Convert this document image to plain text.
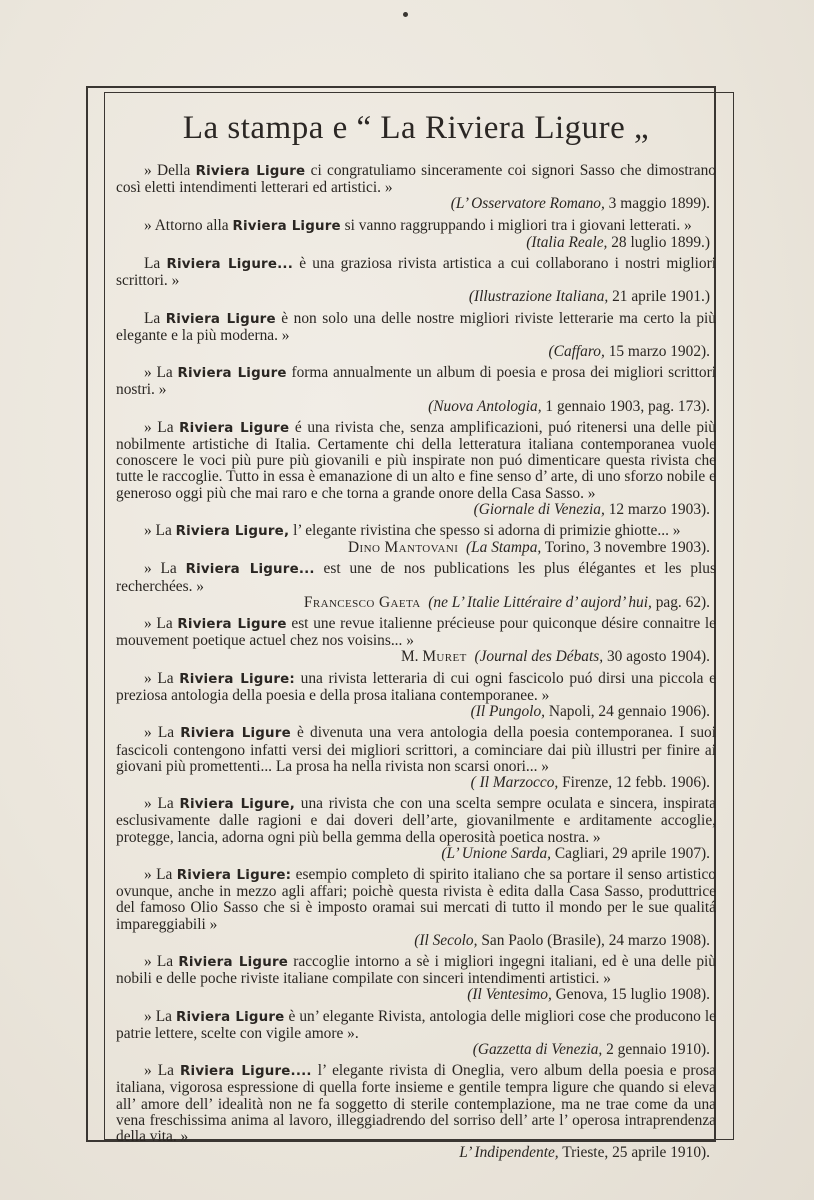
La stampa e “ La Riviera Ligure „
» Della Riviera Ligure ci congratuliamo sinceramente coi signori Sasso che dimostrano così eletti intendimenti letterari ed artistici. »
(L’ Osservatore Romano, 3 maggio 1899).
» Attorno alla Riviera Ligure si vanno raggruppando i migliori tra i giovani letterati. »
(Italia Reale, 28 luglio 1899.)
La Riviera Ligure... è una graziosa rivista artistica a cui collaborano i nostri migliori scrittori. »
(Illustrazione Italiana, 21 aprile 1901.)
La Riviera Ligure è non solo una delle nostre migliori riviste letterarie ma certo la più elegante e la più moderna. »
(Caffaro, 15 marzo 1902).
» La Riviera Ligure forma annualmente un album di poesia e prosa dei migliori scrittori nostri. »
(Nuova Antologia, 1 gennaio 1903, pag. 173).
» La Riviera Ligure é una rivista che, senza amplificazioni, puó ritenersi una delle più nobilmente artistiche di Italia. Certamente chi della letteratura italiana contemporanea vuole conoscere le voci più pure più giovanili e più inspirate non puó dimenticare questa rivista che tutte le raccoglie. Tutto in essa è emanazione di un alto e fine senso d’ arte, di uno sforzo nobile e generoso oggi più che mai raro e che torna a grande onore della Casa Sasso. »
(Giornale di Venezia, 12 marzo 1903).
» La Riviera Ligure, l’ elegante rivistina che spesso si adorna di primizie ghiotte... »
Dino Mantovani (La Stampa, Torino, 3 novembre 1903).
» La Riviera Ligure... est une de nos publications les plus élégantes et les plus recherchées. »
Francesco Gaeta (ne L’ Italie Littéraire d’ aujord’ hui, pag. 62).
» La Riviera Ligure est une revue italienne précieuse pour quiconque désire connaitre le mouvement poetique actuel chez nos voisins... »
M. Muret (Journal des Débats, 30 agosto 1904).
» La Riviera Ligure: una rivista letteraria di cui ogni fascicolo puó dirsi una piccola e preziosa antologia della poesia e della prosa italiana contemporanee. »
(Il Pungolo, Napoli, 24 gennaio 1906).
» La Riviera Ligure è divenuta una vera antologia della poesia contemporanea. I suoi fascicoli contengono infatti versi dei migliori scrittori, a cominciare dai più illustri per finire ai giovani più promettenti... La prosa ha nella rivista non scarsi onori... »
( Il Marzocco, Firenze, 12 febb. 1906).
» La Riviera Ligure, una rivista che con una scelta sempre oculata e sincera, inspirata esclusivamente dalle ragioni e dai doveri dell’arte, giovanilmente e arditamente accoglie, protegge, lancia, adorna ogni più bella gemma della operosità poetica nostra. »
(L’ Unione Sarda, Cagliari, 29 aprile 1907).
» La Riviera Ligure: esempio completo di spirito italiano che sa portare il senso artistico ovunque, anche in mezzo agli affari; poichè questa rivista è edita dalla Casa Sasso, produttrice del famoso Olio Sasso che si è imposto oramai sui mercati di tutto il mondo per le sue qualitá impareggiabili »
(Il Secolo, San Paolo (Brasile), 24 marzo 1908).
» La Riviera Ligure raccoglie intorno a sè i migliori ingegni italiani, ed è una delle più nobili e delle poche riviste italiane compilate con sinceri intendimenti artistici. »
(Il Ventesimo, Genova, 15 luglio 1908).
» La Riviera Ligure è un’ elegante Rivista, antologia delle migliori cose che producono le patrie lettere, scelte con vigile amore ».
(Gazzetta di Venezia, 2 gennaio 1910).
» La Riviera Ligure.... l’ elegante rivista di Oneglia, vero album della poesia e prosa italiana, vigorosa espressione di quella forte insieme e gentile tempra ligure che quando si eleva all’ amore dell’ idealità non ne fa soggetto di sterile contemplazione, ma ne trae come da una vena freschissima anima al lavoro, illeggiadrendo del sorriso dell’ arte l’ operosa intraprendenza della vita. »
L’ Indipendente, Trieste, 25 aprile 1910).
